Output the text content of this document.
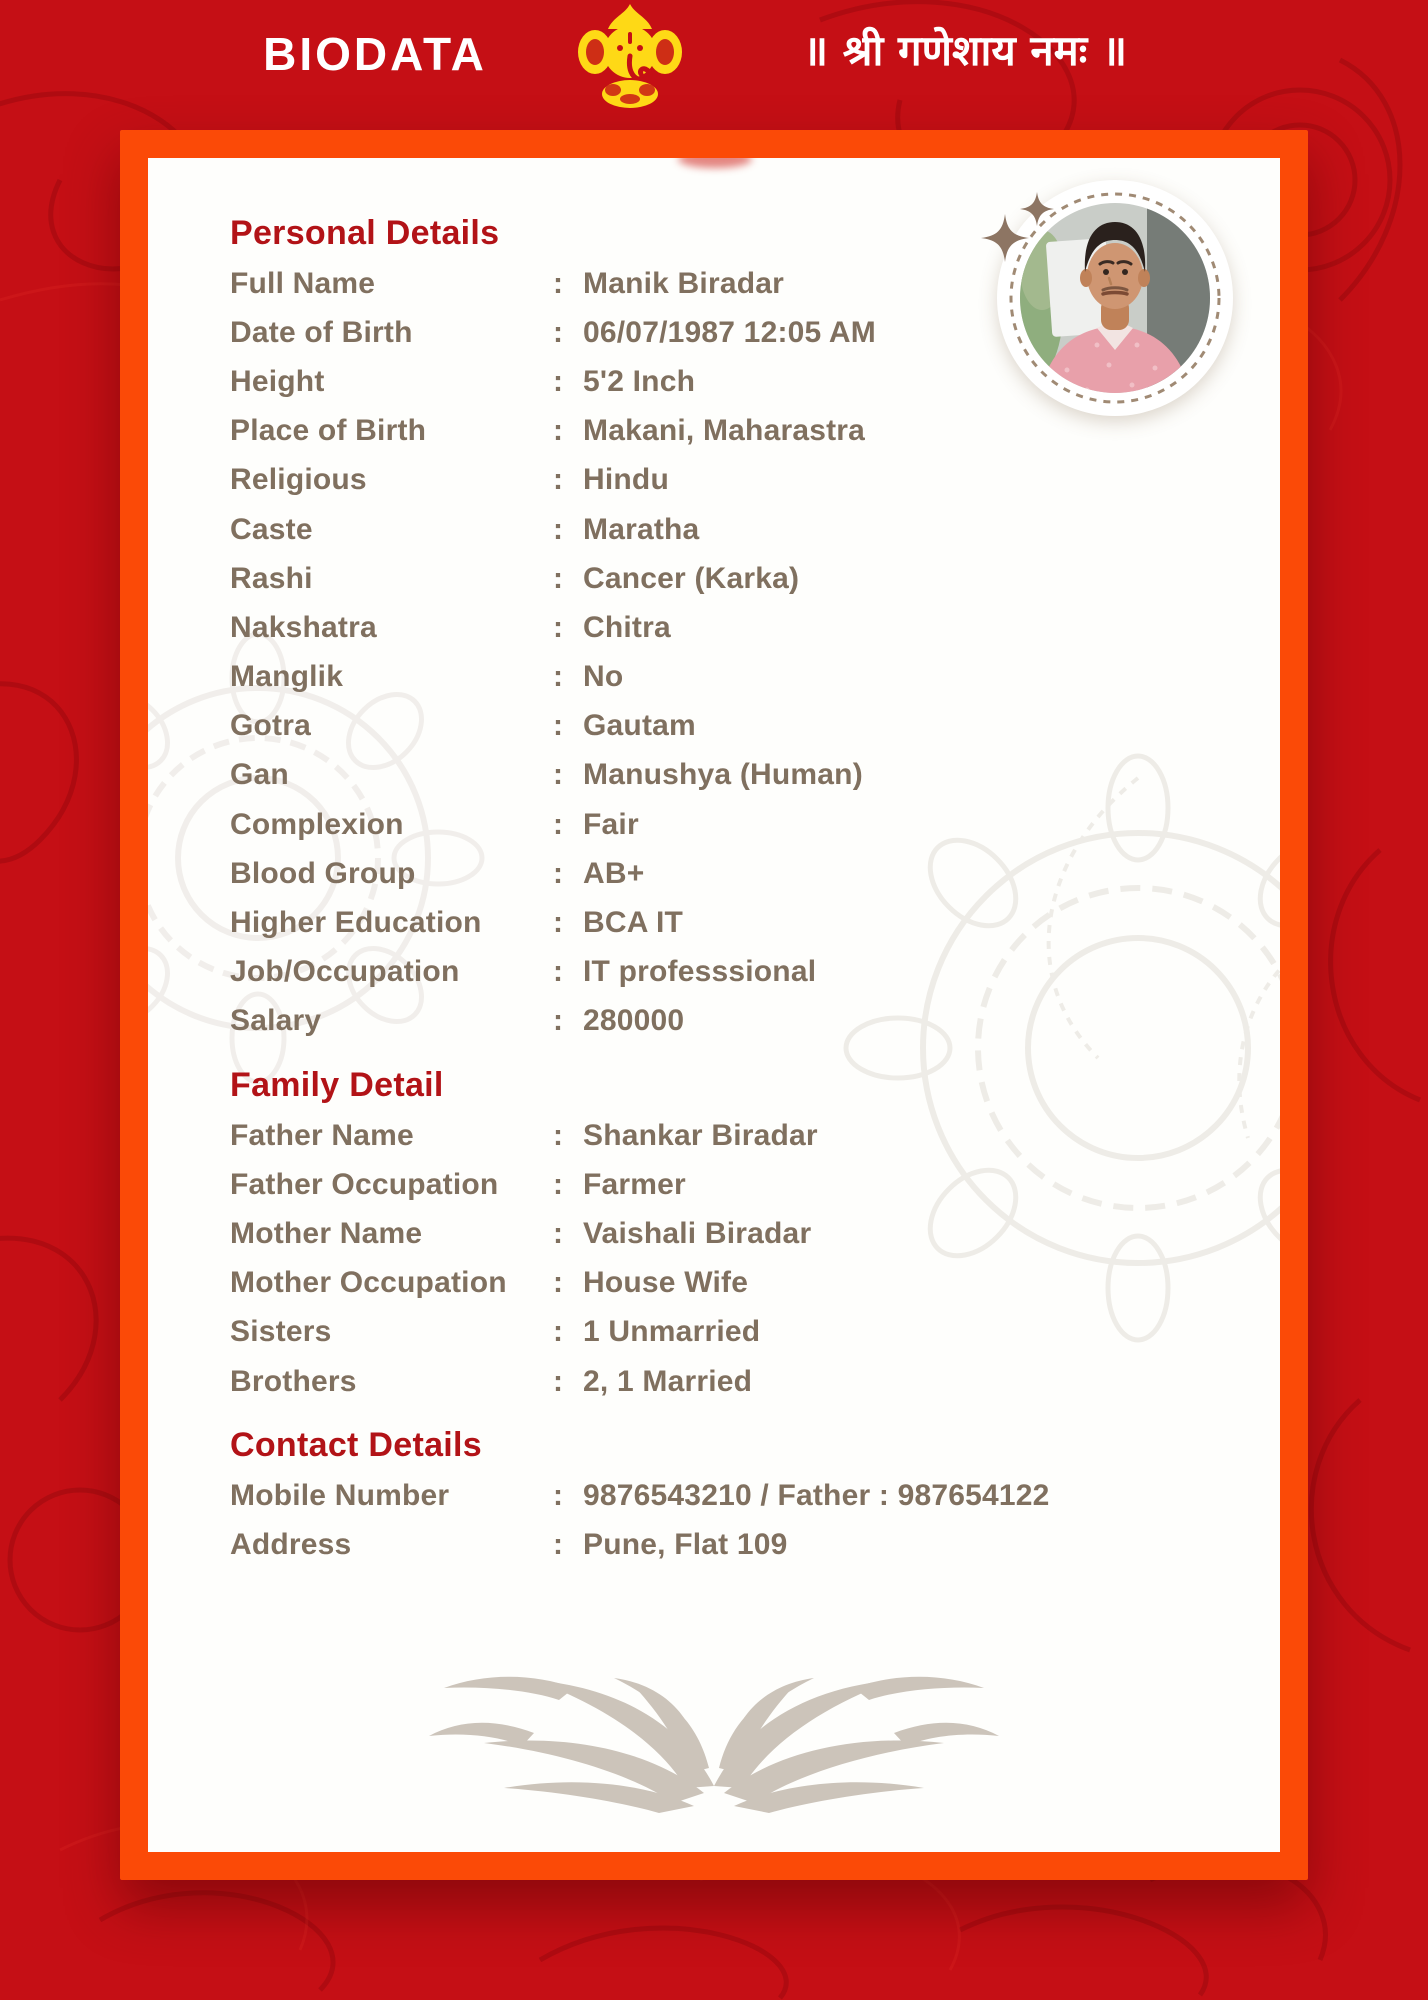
BIODATA	॥ श्री गणेशाय नमः ॥
Personal Details
Full Name	: Manik Biradar
Date of Birth	: 06/07/1987 12:05 AM
Height	: 5'2 Inch
Place of Birth	: Makani, Maharastra
Religious	: Hindu
Caste	: Maratha
Rashi	: Cancer (Karka)
Nakshatra	: Chitra
Manglik	: No
Gotra	: Gautam
Gan	: Manushya (Human)
Complexion	: Fair
Blood Group	: AB+
Higher Education	: BCA IT
Job/Occupation	: IT professsional
Salary	: 280000
Family Detail
Father Name	: Shankar Biradar
Father Occupation	: Farmer
Mother Name	: Vaishali Biradar
Mother Occupation	: House Wife
Sisters	: 1 Unmarried
Brothers	: 2, 1 Married
Contact Details
Mobile Number	: 9876543210 / Father : 987654122
Address	: Pune, Flat 109
